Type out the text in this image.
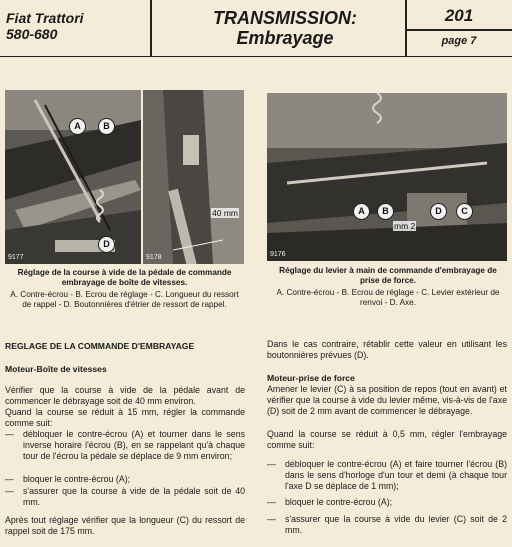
Fiat Trattori
580-680
TRANSMISSION:
Embrayage
201
page 7
9177
A	B
D
9178
40 mm
9176
A	B	D	C
mm 2
Réglage de la course à vide de la pédale de commande embrayage de boîte de vitesses.
A. Contre-écrou - B. Ecrou de réglage - C. Longueur du ressort de rappel - D. Boutonnières d'étrier de ressort de rappel.
Réglage du levier à main de commande d'embrayage de prise de force.
A. Contre-écrou - B. Ecrou de réglage - C. Levier extérieur de renvoi - D. Axe.
REGLAGE DE LA COMMANDE D'EMBRAYAGE
Moteur-Boîte de vitesses
Vérifier que la course à vide de la pédale avant de commencer le débrayage soit de 40 mm environ.
Quand la course se réduit à 15 mm, régler la commande comme suit:
— débloquer le contre-écrou (A) et tourner dans le sens inverse horaire l'écrou (B), en se rappelant qu'à chaque tour de l'écrou la pédale se déplace de 9 mm environ;
— bloquer le contre-écrou (A);
— s'assurer que la course à vide de la pédale soit de 40 mm.
Après tout réglage vérifier que la longueur (C) du ressort de rappel soit de 175 mm.
Dans le cas contraire, rétablir cette valeur en utilisant les boutonnières prévues (D).
Moteur-prise de force
Amener le levier (C) à sa position de repos (tout en avant) et vérifier que la course à vide du levier même, vis-à-vis de l'axe (D) soit de 2 mm avant de commencer le débrayage.
Quand la course se réduit à 0,5 mm, régler l'embrayage comme suit:
— débloquer le contre-écrou (A) et faire tourner l'écrou (B) dans le sens d'horloge d'un tour et demi (à chaque tour l'axe D se déplace de 1 mm);
— bloquer le contre-écrou (A);
— s'assurer que la course à vide du levier (C) soit de 2 mm.
